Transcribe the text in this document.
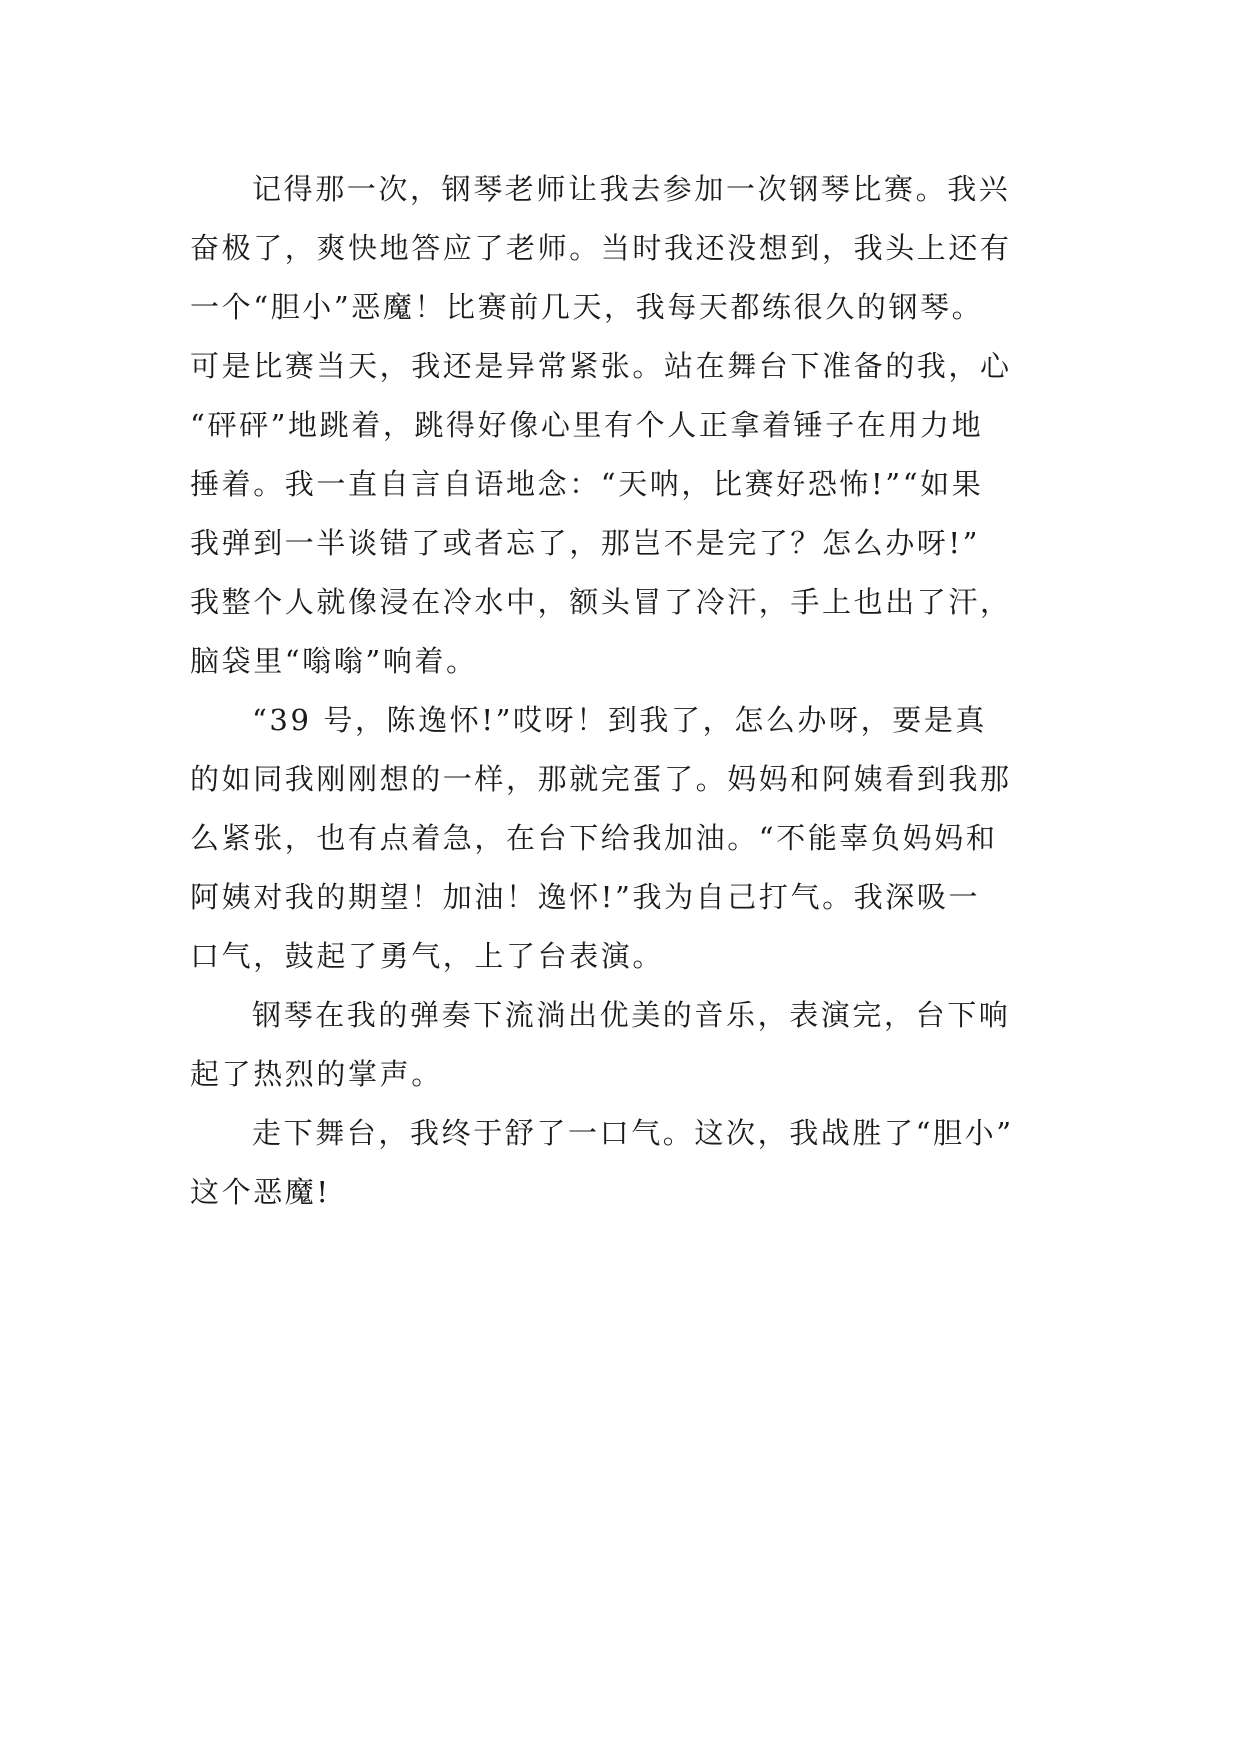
记得那一次，钢琴老师让我去参加一次钢琴比赛。我兴
奋极了，爽快地答应了老师。当时我还没想到，我头上还有
一个“胆小”恶魔！比赛前几天，我每天都练很久的钢琴。
可是比赛当天，我还是异常紧张。站在舞台下准备的我，心
“砰砰”地跳着，跳得好像心里有个人正拿着锤子在用力地
捶着。我一直自言自语地念：“天呐，比赛好恐怖!”“如果
我弹到一半谈错了或者忘了，那岂不是完了？怎么办呀!”
我整个人就像浸在冷水中，额头冒了冷汗，手上也出了汗，
脑袋里“嗡嗡”响着。
“39 号，陈逸怀!”哎呀！到我了，怎么办呀，要是真
的如同我刚刚想的一样，那就完蛋了。妈妈和阿姨看到我那
么紧张，也有点着急，在台下给我加油。“不能辜负妈妈和
阿姨对我的期望！加油！逸怀!”我为自己打气。我深吸一
口气，鼓起了勇气，上了台表演。
钢琴在我的弹奏下流淌出优美的音乐，表演完，台下响
起了热烈的掌声。
走下舞台，我终于舒了一口气。这次，我战胜了“胆小”
这个恶魔!
